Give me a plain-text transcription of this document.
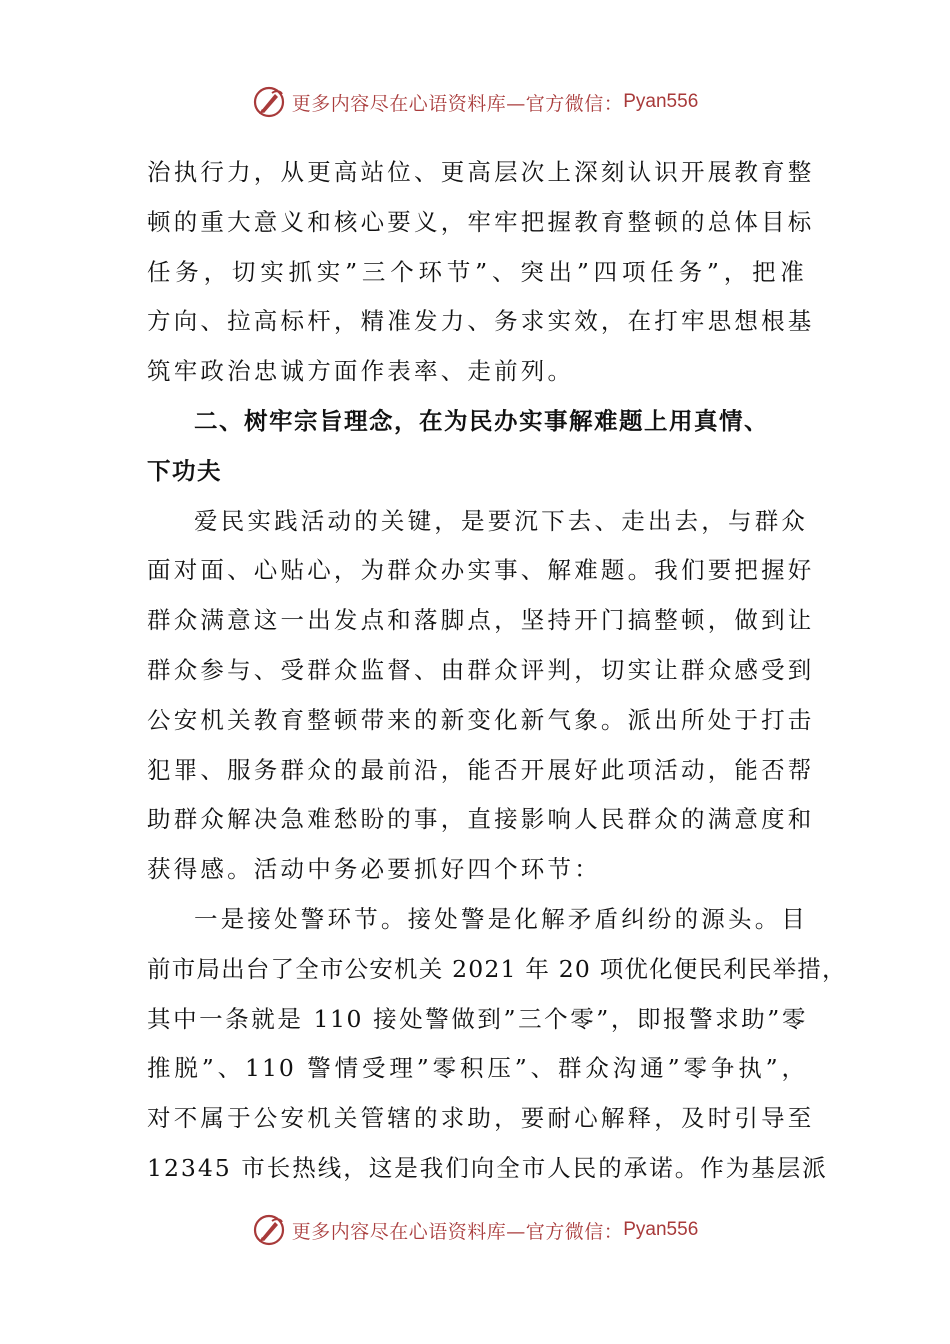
更多内容尽在心语资料库—官方微信： Pyan556
治执行力，从更高站位、更高层次上深刻认识开展教育整
顿的重大意义和核心要义，牢牢把握教育整顿的总体目标
任务，切实抓实”三个环节”、突出”四项任务”，把准
方向、拉高标杆，精准发力、务求实效，在打牢思想根基
筑牢政治忠诚方面作表率、走前列。
二、树牢宗旨理念，在为民办实事解难题上用真情、
下功夫
爱民实践活动的关键，是要沉下去、走出去，与群众
面对面、心贴心，为群众办实事、解难题。我们要把握好
群众满意这一出发点和落脚点，坚持开门搞整顿，做到让
群众参与、受群众监督、由群众评判，切实让群众感受到
公安机关教育整顿带来的新变化新气象。派出所处于打击
犯罪、服务群众的最前沿，能否开展好此项活动，能否帮
助群众解决急难愁盼的事，直接影响人民群众的满意度和
获得感。活动中务必要抓好四个环节：
一是接处警环节。接处警是化解矛盾纠纷的源头。目
前市局出台了全市公安机关 2021 年 20 项优化便民利民举措，
其中一条就是 110 接处警做到”三个零”，即报警求助”零
推脱”、110 警情受理”零积压”、群众沟通”零争执”，
对不属于公安机关管辖的求助，要耐心解释，及时引导至
12345 市长热线，这是我们向全市人民的承诺。作为基层派
更多内容尽在心语资料库—官方微信： Pyan556
